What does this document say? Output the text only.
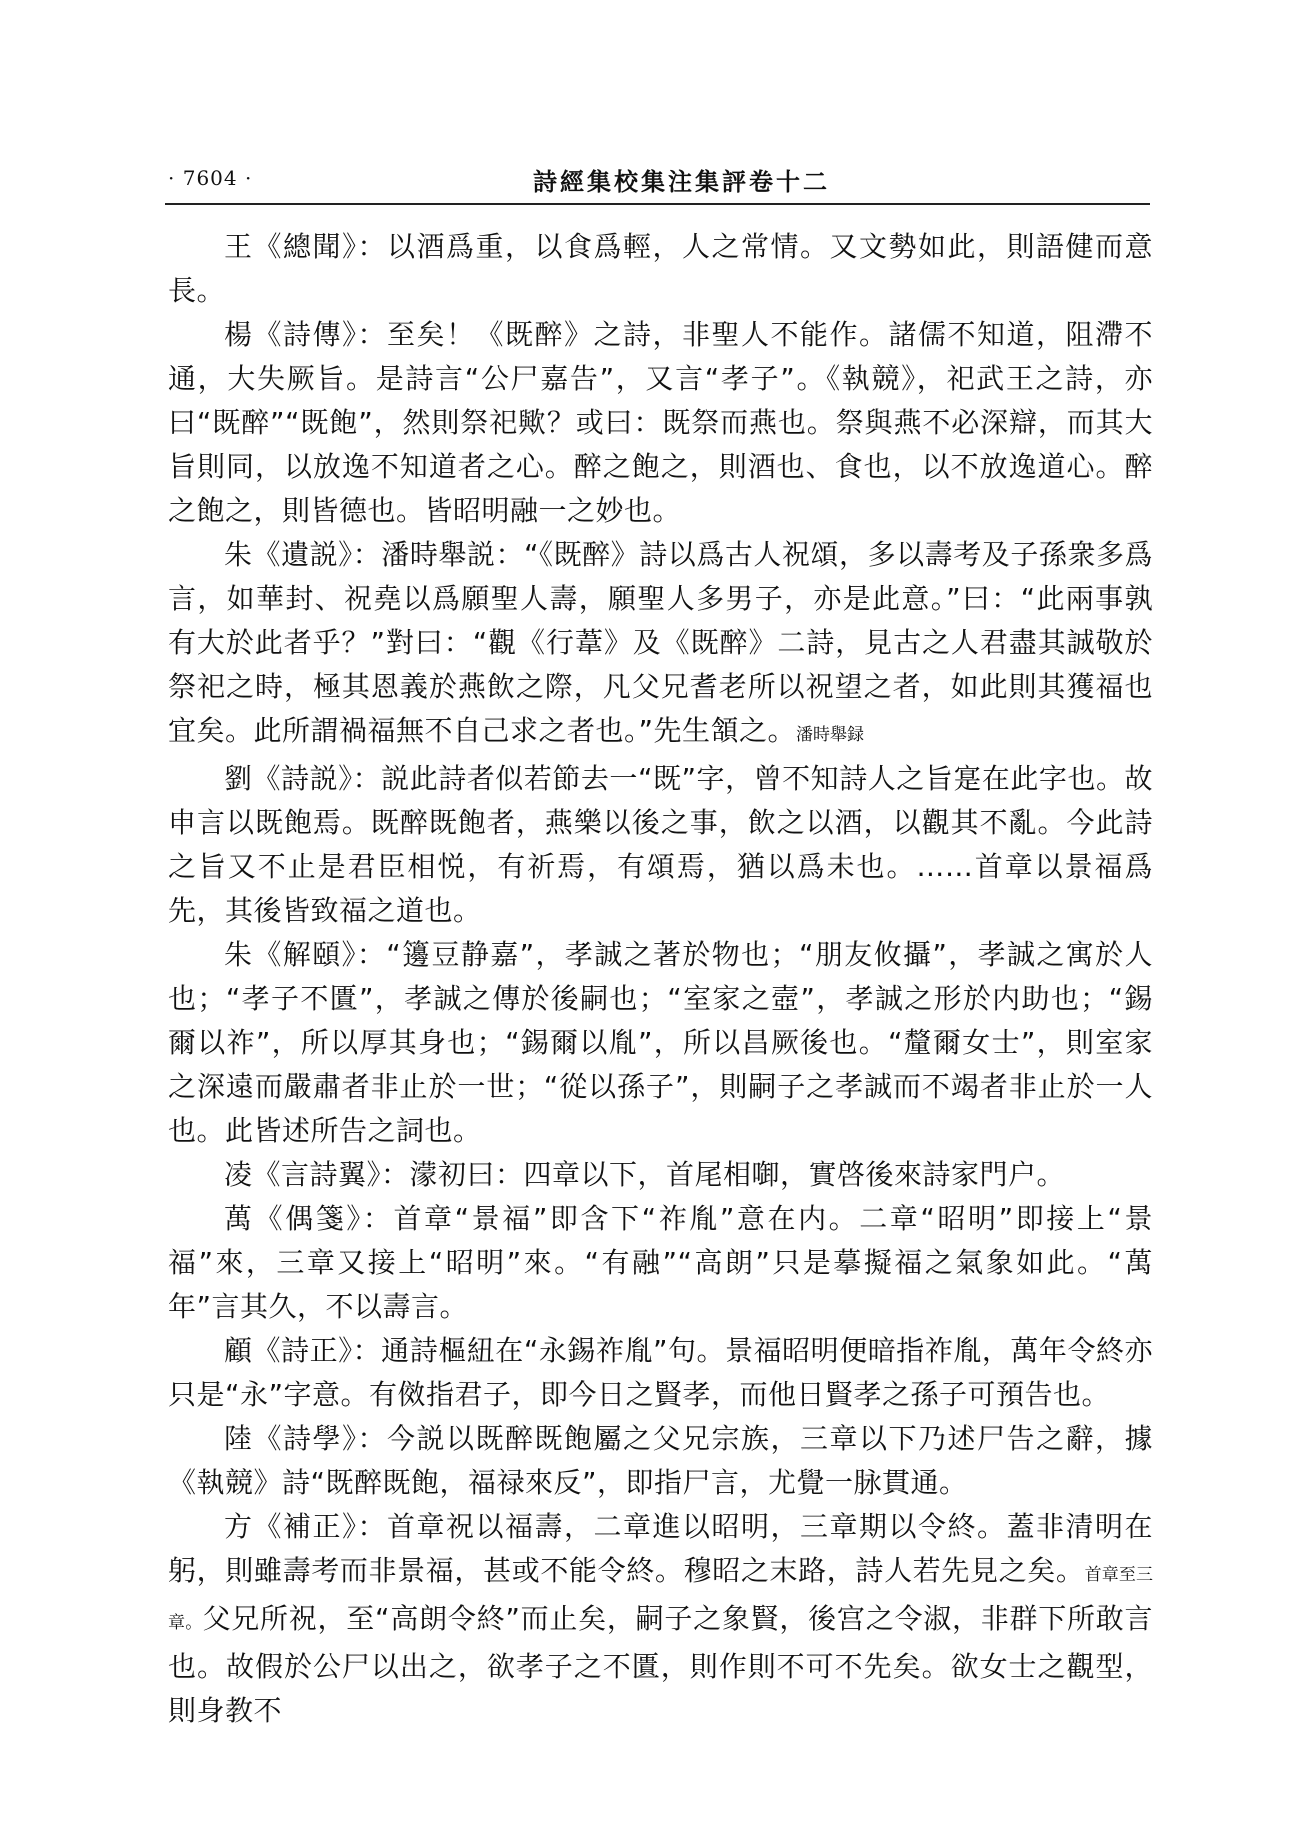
· 7604 ·	詩經集校集注集評卷十二

王《總聞》：以酒爲重，以食爲輕，人之常情。又文勢如此，則語健而意長。

楊《詩傳》：至矣！《既醉》之詩，非聖人不能作。諸儒不知道，阻滯不通，大失厥旨。是詩言“公尸嘉告”，又言“孝子”。《執競》，祀武王之詩，亦曰“既醉”“既飽”，然則祭祀歟？或曰：既祭而燕也。祭與燕不必深辯，而其大旨則同，以放逸不知道者之心。醉之飽之，則酒也、食也，以不放逸道心。醉之飽之，則皆德也。皆昭明融一之妙也。

朱《遺説》：潘時舉説：“《既醉》詩以爲古人祝頌，多以壽考及子孫衆多爲言，如華封、祝堯以爲願聖人壽，願聖人多男子，亦是此意。”曰：“此兩事孰有大於此者乎？”對曰：“觀《行葦》及《既醉》二詩，見古之人君盡其誠敬於祭祀之時，極其恩義於燕飲之際，凡父兄耆老所以祝望之者，如此則其獲福也宜矣。此所謂禍福無不自己求之者也。”先生頷之。潘時舉録

劉《詩説》：説此詩者似若節去一“既”字，曾不知詩人之旨寔在此字也。故申言以既飽焉。既醉既飽者，燕樂以後之事，飲之以酒，以觀其不亂。今此詩之旨又不止是君臣相悦，有祈焉，有頌焉，猶以爲未也。……首章以景福爲先，其後皆致福之道也。

朱《解頤》：“籩豆静嘉”，孝誠之著於物也；“朋友攸攝”，孝誠之寓於人也；“孝子不匱”，孝誠之傳於後嗣也；“室家之壼”，孝誠之形於内助也；“錫爾以祚”，所以厚其身也；“錫爾以胤”，所以昌厥後也。“釐爾女士”，則室家之深遠而嚴肅者非止於一世；“從以孫子”，則嗣子之孝誠而不竭者非止於一人也。此皆述所告之詞也。

凌《言詩翼》：濛初曰：四章以下，首尾相啣，實啓後來詩家門户。

萬《偶箋》：首章“景福”即含下“祚胤”意在内。二章“昭明”即接上“景福”來，三章又接上“昭明”來。“有融”“高朗”只是摹擬福之氣象如此。“萬年”言其久，不以壽言。

顧《詩正》：通詩樞紐在“永錫祚胤”句。景福昭明便暗指祚胤，萬年令終亦只是“永”字意。有傚指君子，即今日之賢孝，而他日賢孝之孫子可預告也。

陸《詩學》：今説以既醉既飽屬之父兄宗族，三章以下乃述尸告之辭，據《執競》詩“既醉既飽，福禄來反”，即指尸言，尤覺一脉貫通。

方《補正》：首章祝以福壽，二章進以昭明，三章期以令終。蓋非清明在躬，則雖壽考而非景福，甚或不能令終。穆昭之末路，詩人若先見之矣。首章至三章。父兄所祝，至“高朗令終”而止矣，嗣子之象賢，後宫之令淑，非群下所敢言也。故假於公尸以出之，欲孝子之不匱，則作則不可不先矣。欲女士之觀型，則身教不
